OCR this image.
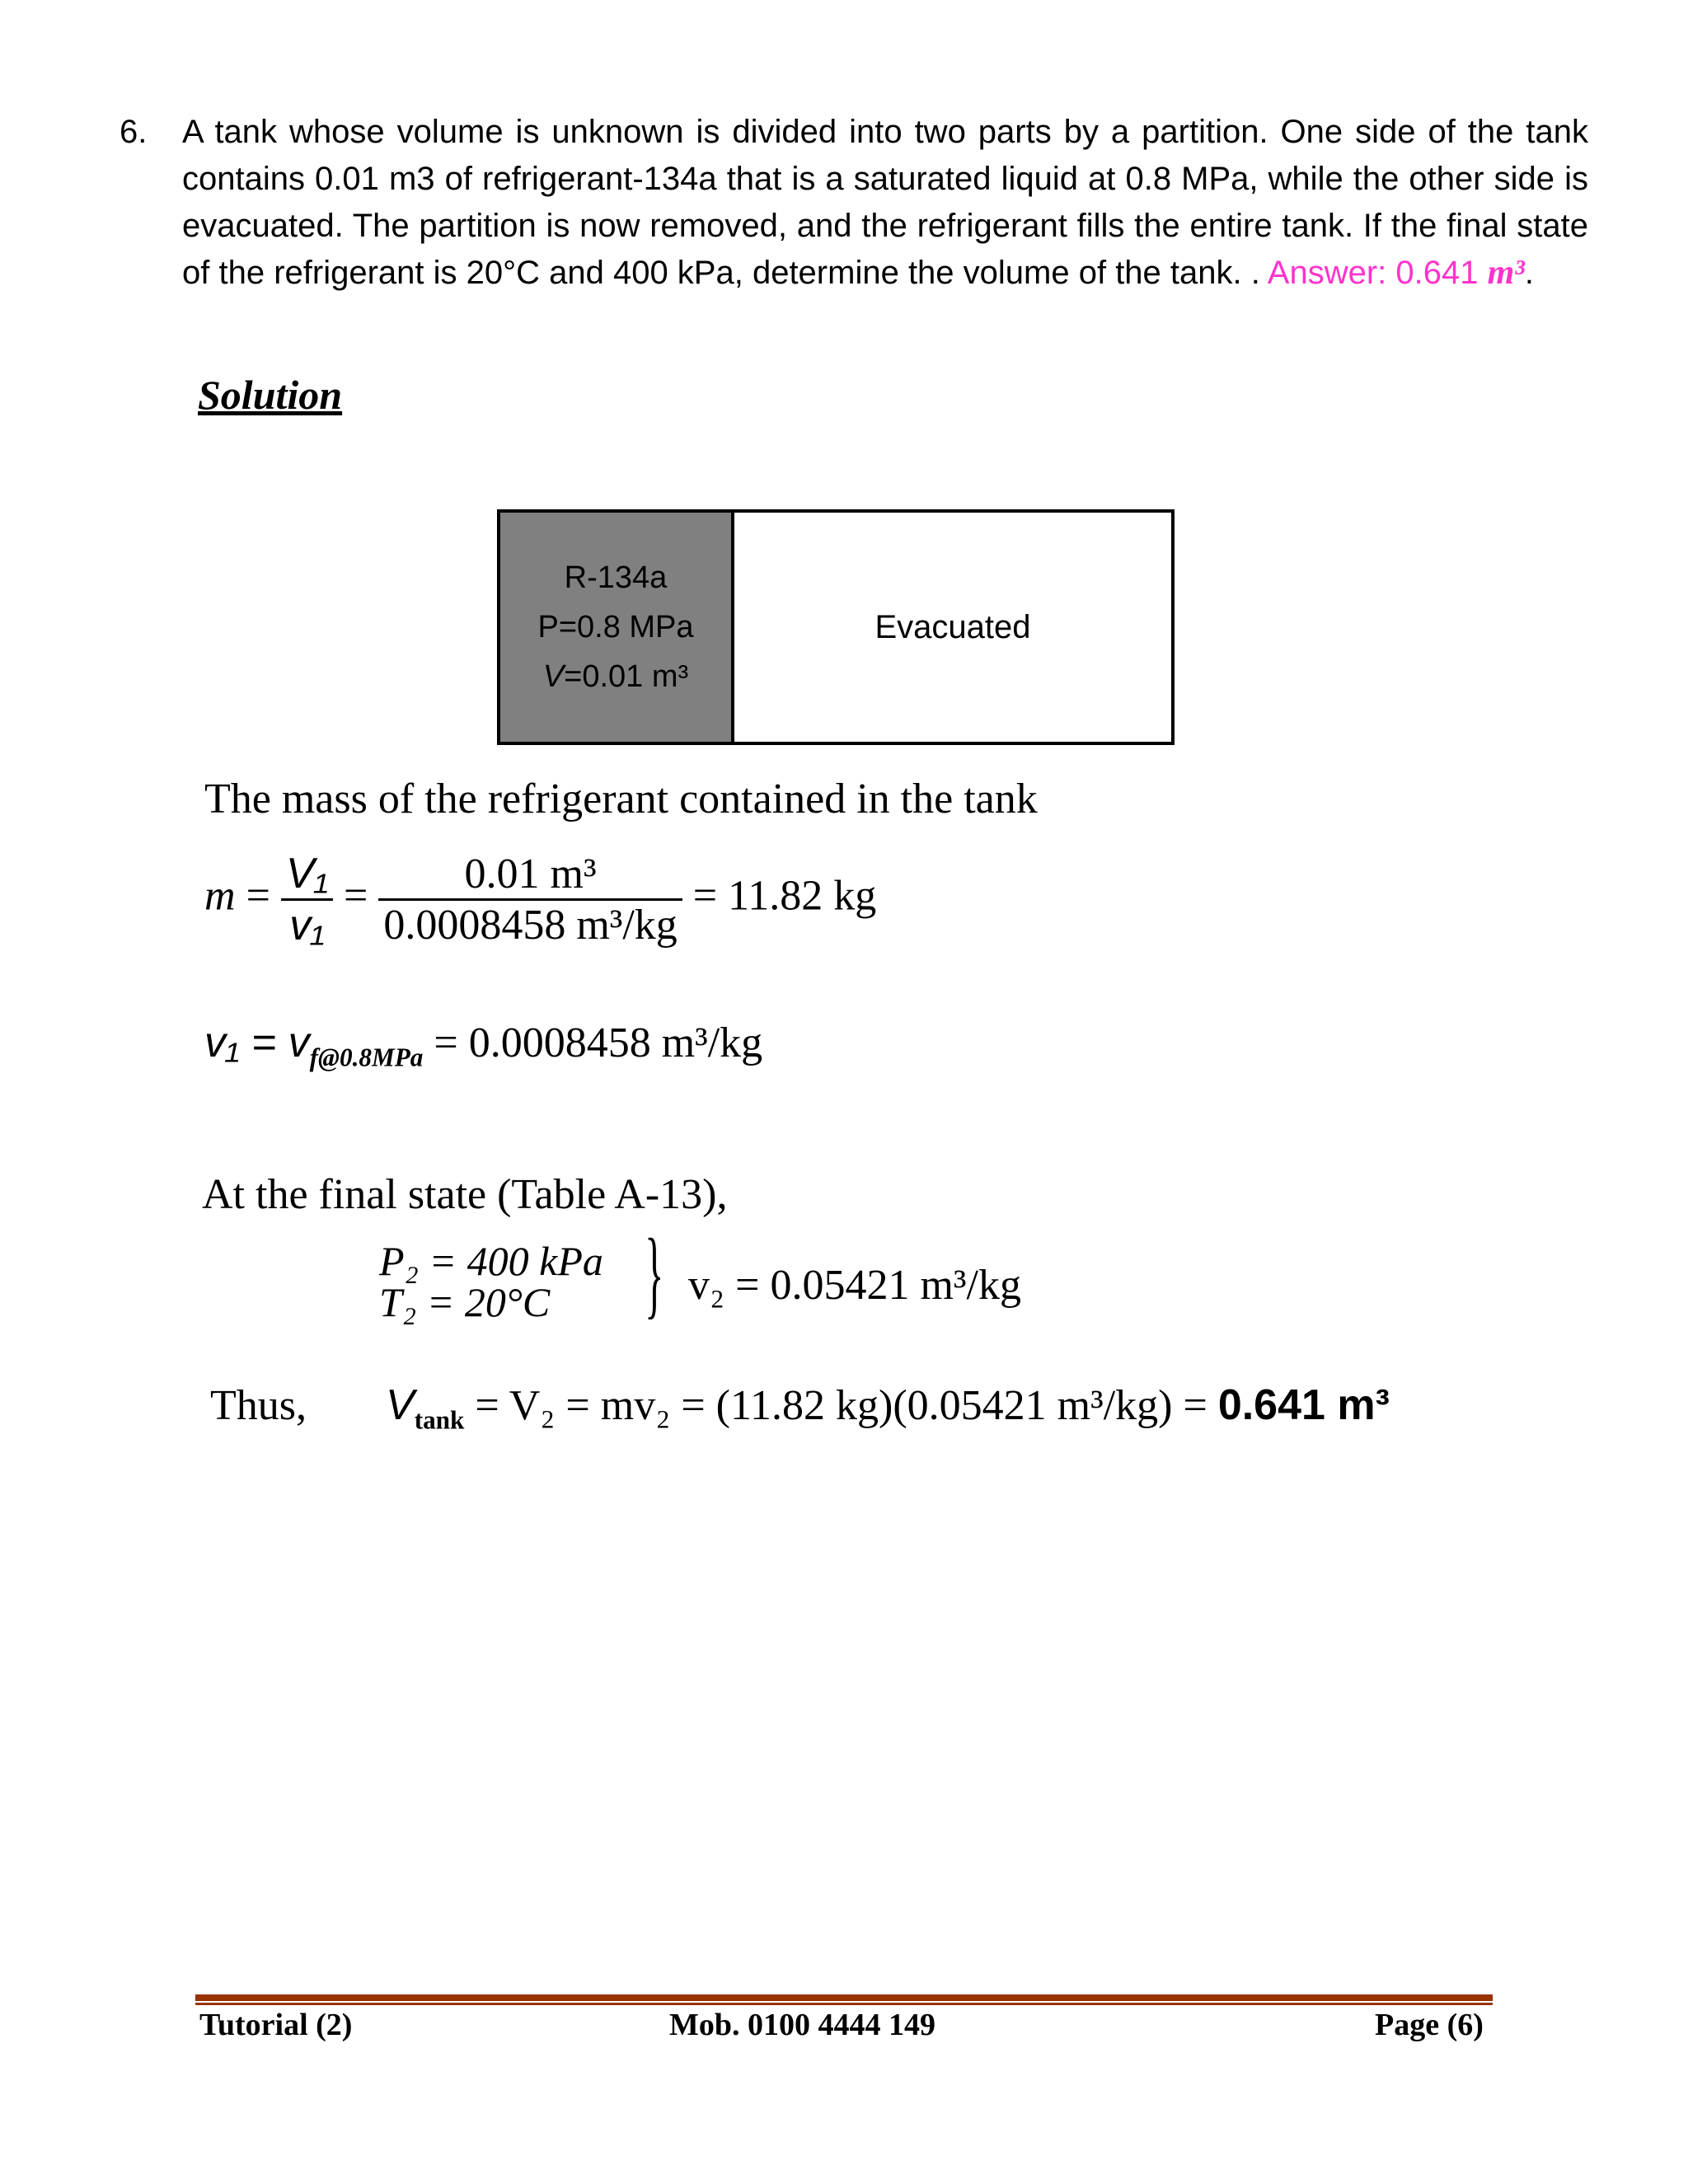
6. A tank whose volume is unknown is divided into two parts by a partition. One side of the tank contains 0.01 m3 of refrigerant-134a that is a saturated liquid at 0.8 MPa, while the other side is evacuated. The partition is now removed, and the refrigerant fills the entire tank. If the final state of the refrigerant is 20°C and 400 kPa, determine the volume of the tank. . Answer: 0.641 m³.
Solution
R-134a
P=0.8 MPa
V=0.01 m³
Evacuated
The mass of the refrigerant contained in the tank
$m = \frac{\text{V₁}}{\text{v₁}} = \frac{\text{0.01 m³}}{\text{0.0008458 m³/kg}} = 11.82$ kg
$v_1 = v_{f@0.8MPa} = 0.0008458$ m³/kg
At the final state (Table A-13),
P₂ = 400 kPa
T₂ = 20°C } v₂ = 0.05421 m³/kg
Thus, $V_{tank} = V_2 = mv_2 = (11.82$ kg)(0.05421 m³/kg) = 0.641 m³
Tutorial (2)	Mob. 0100 4444 149	Page (6)
